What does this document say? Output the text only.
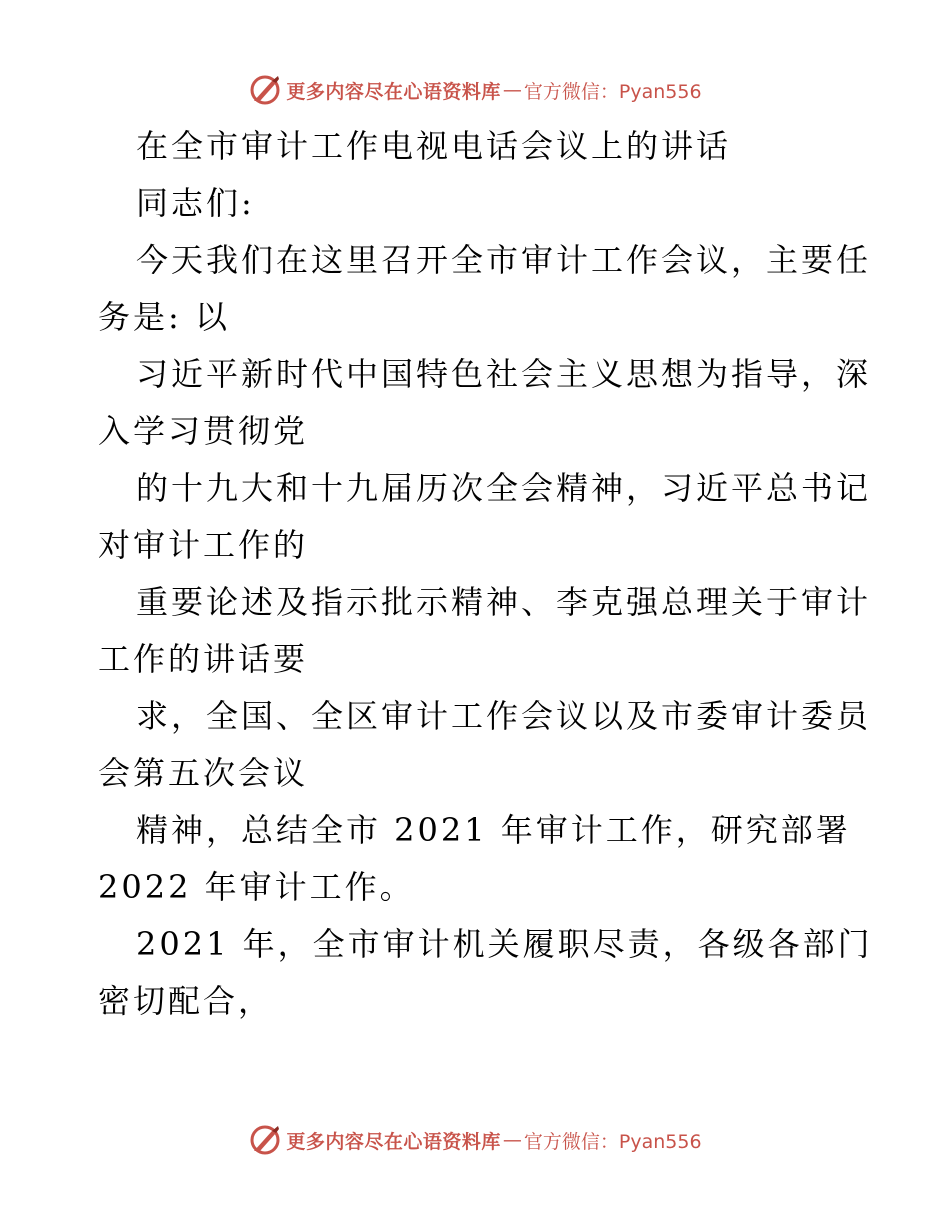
更多内容尽在心语资料库 — 官方微信：Pyan556
在全市审计工作电视电话会议上的讲话
同志们:
今天我们在这里召开全市审计工作会议，主要任
务是: 以
习近平新时代中国特色社会主义思想为指导，深
入学习贯彻党
的十九大和十九届历次全会精神，习近平总书记
对审计工作的
重要论述及指示批示精神、李克强总理关于审计
工作的讲话要
求，全国、全区审计工作会议以及市委审计委员
会第五次会议
精神，总结全市 2021 年审计工作，研究部署
2022 年审计工作。
2021 年，全市审计机关履职尽责，各级各部门
密切配合，
更多内容尽在心语资料库 — 官方微信：Pyan556
